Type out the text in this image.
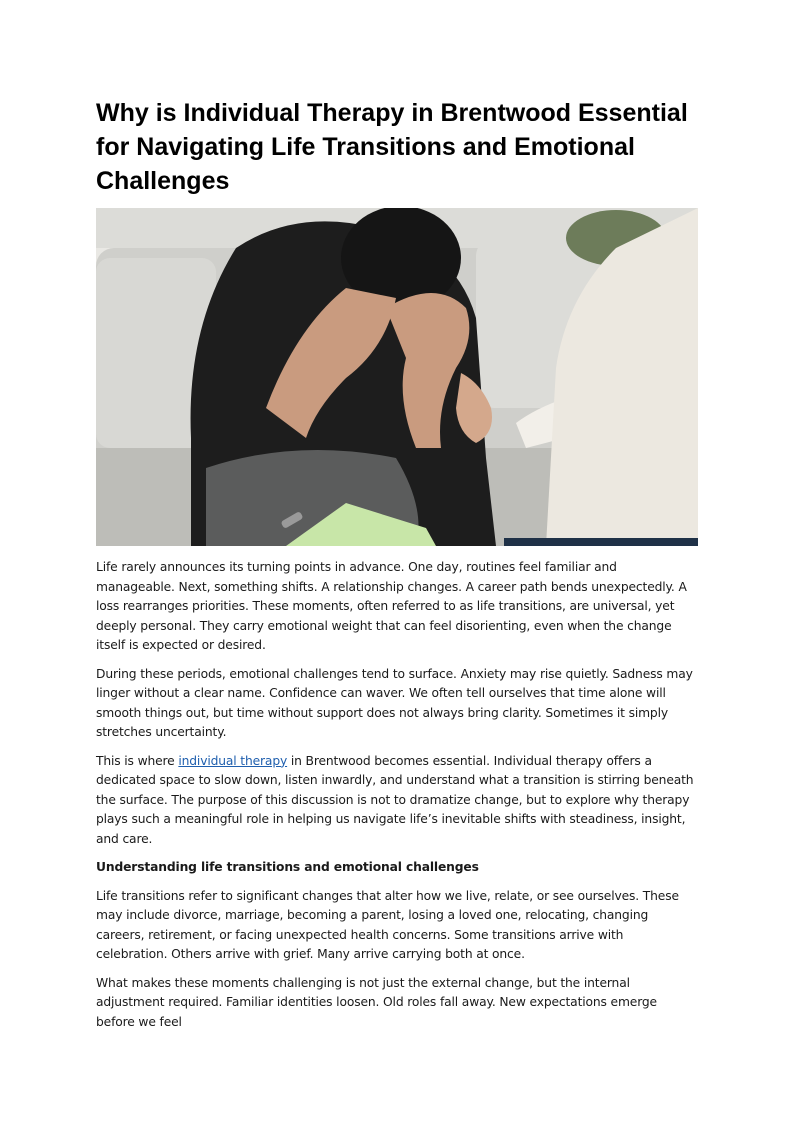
Why is Individual Therapy in Brentwood Essential for Navigating Life Transitions and Emotional Challenges

Life rarely announces its turning points in advance. One day, routines feel familiar and manageable. Next, something shifts. A relationship changes. A career path bends unexpectedly. A loss rearranges priorities. These moments, often referred to as life transitions, are universal, yet deeply personal. They carry emotional weight that can feel disorienting, even when the change itself is expected or desired.

During these periods, emotional challenges tend to surface. Anxiety may rise quietly. Sadness may linger without a clear name. Confidence can waver. We often tell ourselves that time alone will smooth things out, but time without support does not always bring clarity. Sometimes it simply stretches uncertainty.

This is where individual therapy in Brentwood becomes essential. Individual therapy offers a dedicated space to slow down, listen inwardly, and understand what a transition is stirring beneath the surface. The purpose of this discussion is not to dramatize change, but to explore why therapy plays such a meaningful role in helping us navigate life’s inevitable shifts with steadiness, insight, and care.

Understanding life transitions and emotional challenges

Life transitions refer to significant changes that alter how we live, relate, or see ourselves. These may include divorce, marriage, becoming a parent, losing a loved one, relocating, changing careers, retirement, or facing unexpected health concerns. Some transitions arrive with celebration. Others arrive with grief. Many arrive carrying both at once.

What makes these moments challenging is not just the external change, but the internal adjustment required. Familiar identities loosen. Old roles fall away. New expectations emerge before we feel
